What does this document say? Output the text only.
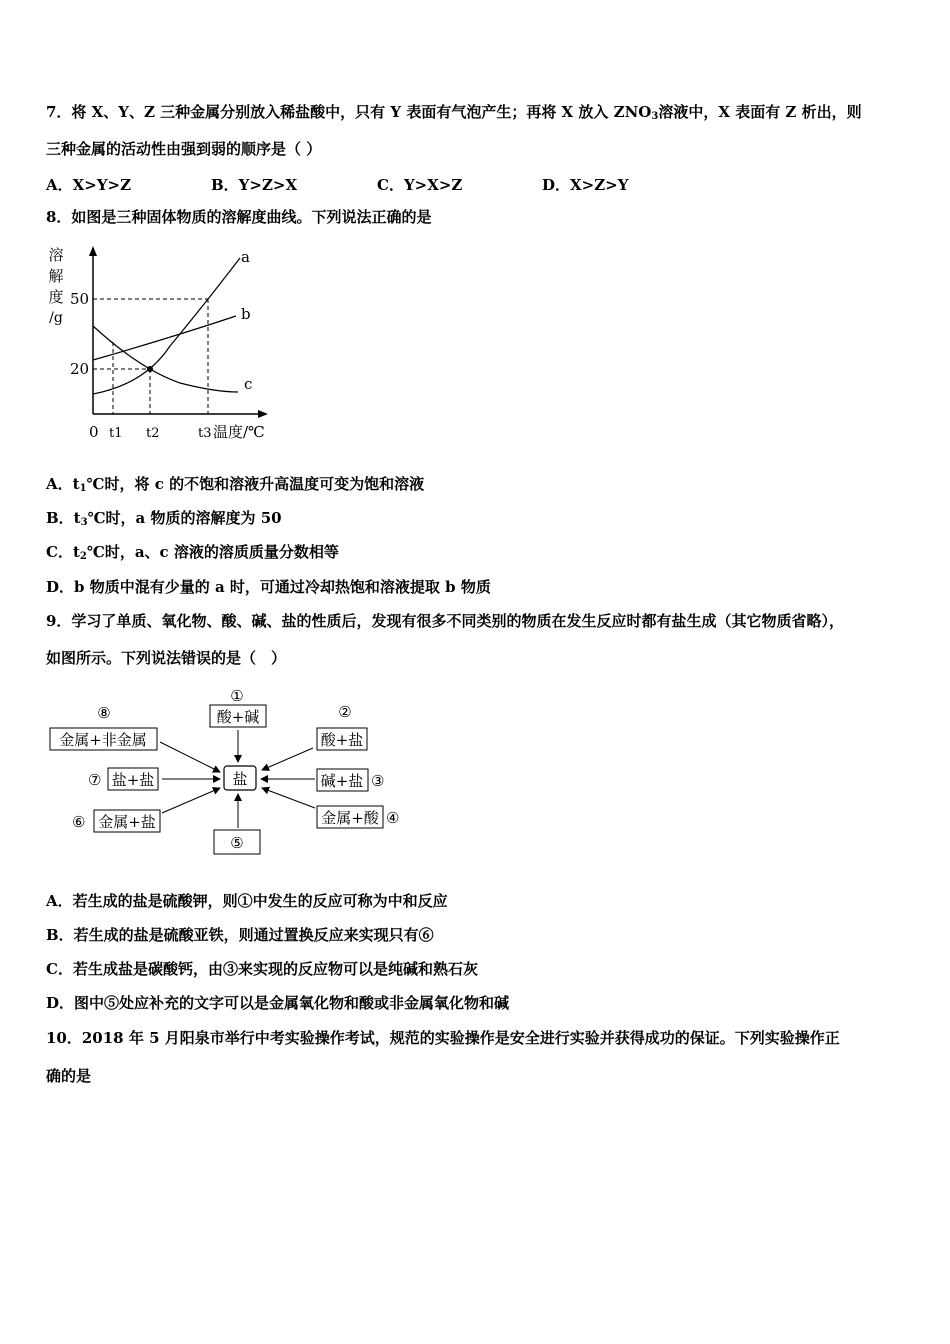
7．将 X、Y、Z 三种金属分别放入稀盐酸中，只有 Y 表面有气泡产生；再将 X 放入 $ZNO_3$溶液中，X 表面有 Z 析出，则
三种金属的活动性由强到弱的顺序是（ ）
A．X>Y>Z	B．Y>Z>X	C．Y>X>Z	D．X>Z>Y
8．如图是三种固体物质的溶解度曲线。下列说法正确的是
溶
解
度
/g
a
b
c
50
20
0 t1 t2	t3 温度/℃
A．$t_1℃$时，将 c 的不饱和溶液升高温度可变为饱和溶液
B．$t_3℃$时，a 物质的溶解度为 50
C．$t_2℃$时，a、c 溶液的溶质质量分数相等
D．b 物质中混有少量的 a 时，可通过冷却热饱和溶液提取 b 物质
9．学习了单质、氧化物、酸、碱、盐的性质后，发现有很多不同类别的物质在发生反应时都有盐生成（其它物质省略），
如图所示。下列说法错误的是（　）
盐
①
酸+碱	②
酸+盐
碱+盐 ③
金属+酸 ④
⑤
⑥ 金属+盐
⑦ 盐+盐
⑧
金属+非金属
A．若生成的盐是硫酸钾，则①中发生的反应可称为中和反应
B．若生成的盐是硫酸亚铁，则通过置换反应来实现只有⑥
C．若生成盐是碳酸钙，由③来实现的反应物可以是纯碱和熟石灰
D．图中⑤处应补充的文字可以是金属氧化物和酸或非金属氧化物和碱
10．2018 年 5 月阳泉市举行中考实验操作考试，规范的实验操作是安全进行实验并获得成功的保证。下列实验操作正
确的是
